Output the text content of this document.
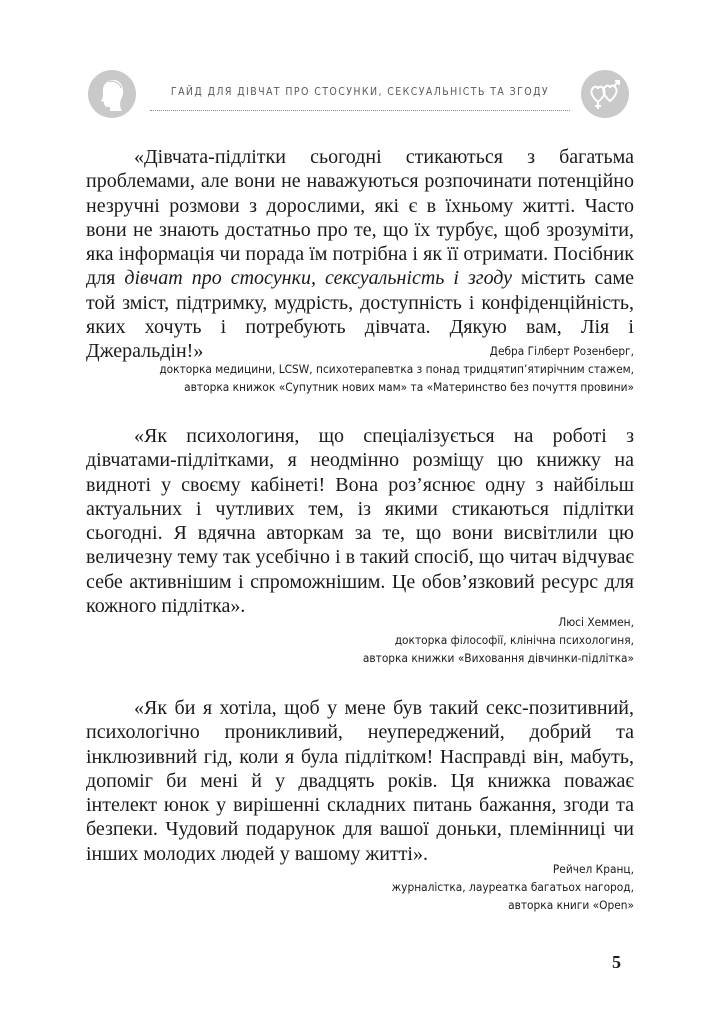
ГАЙД ДЛЯ ДІВЧАТ ПРО СТОСУНКИ, СЕКСУАЛЬНІСТЬ ТА ЗГОДУ

«Дівчата-підлітки сьогодні стикаються з багатьма проблемами, але вони не наважуються розпочинати потенційно незручні розмови з дорослими, які є в їхньому житті. Часто вони не знають достатньо про те, що їх турбує, щоб зрозуміти, яка інформація чи порада їм потрібна і як її отримати. Посібник для дівчат про стосунки, сексуальність і згоду містить саме той зміст, підтримку, мудрість, доступність і конфіденційність, яких хочуть і потребують дівчата. Дякую вам, Лія і Джеральдін!»	Дебра Гілберт Розенберг,
докторка медицини, LCSW, психотерапевтка з понад тридцятип’ятирічним стажем,
авторка книжок «Супутник нових мам» та «Материнство без почуття провини»

«Як психологиня, що спеціалізується на роботі з дівчатами-підлітками, я неодмінно розміщу цю книжку на видноті у своєму кабінеті! Вона роз’яснює одну з найбільш актуальних і чутливих тем, із якими стикаються підлітки сьогодні. Я вдячна авторкам за те, що вони висвітлили цю величезну тему так усебічно і в такий спосіб, що читач відчуває себе активнішим і спроможнішим. Це обов’язковий ресурс для кожного підлітка».

Люсі Хеммен,
докторка філософії, клінічна психологиня,
авторка книжки «Виховання дівчинки-підлітка»

«Як би я хотіла, щоб у мене був такий секс-позитивний, психологічно проникливий, неупереджений, добрий та інклюзивний гід, коли я була підлітком! Насправді він, мабуть, допоміг би мені й у двадцять років. Ця книжка поважає інтелект юнок у вирішенні складних питань бажання, згоди та безпеки. Чудовий подарунок для вашої доньки, племінниці чи інших молодих людей у вашому житті».

Рейчел Кранц,
журналістка, лауреатка багатьох нагород,
авторка книги «Open»
5
